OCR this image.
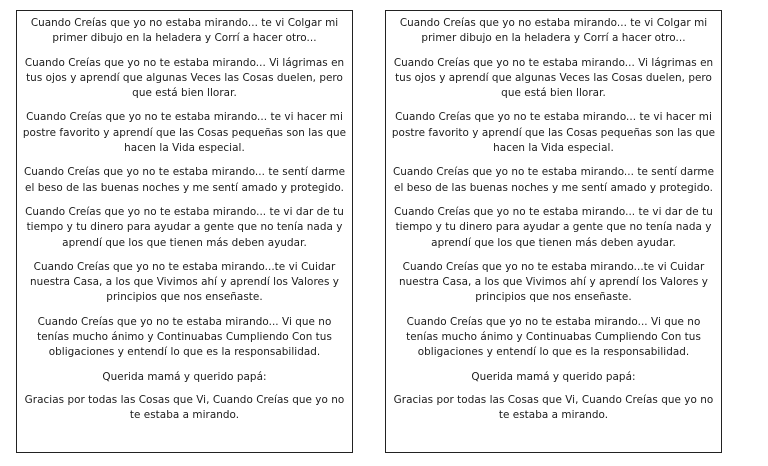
Cuando Creías que yo no estaba mirando... te vi Colgar mi primer dibujo en la heladera y Corrí a hacer otro...

Cuando Creías que yo no te estaba mirando... Vi lágrimas en tus ojos y aprendí que algunas Veces las Cosas duelen, pero que está bien llorar.

Cuando Creías que yo no te estaba mirando... te vi hacer mi postre favorito y aprendí que las Cosas pequeñas son las que hacen la Vida especial.

Cuando Creías que yo no te estaba mirando... te sentí darme el beso de las buenas noches y me sentí amado y protegido.

Cuando Creías que yo no te estaba mirando... te vi dar de tu tiempo y tu dinero para ayudar a gente que no tenía nada y aprendí que los que tienen más deben ayudar.

Cuando Creías que yo no te estaba mirando...te vi Cuidar nuestra Casa, a los que Vivimos ahí y aprendí los Valores y principios que nos enseñaste.

Cuando Creías que yo no te estaba mirando... Vi que no tenías mucho ánimo y Continuabas Cumpliendo Con tus obligaciones y entendí lo que es la responsabilidad.

Querida mamá y querido papá:

Gracias por todas las Cosas que Vi, Cuando Creías que yo no te estaba a mirando.

Cuando Creías que yo no estaba mirando... te vi Colgar mi primer dibujo en la heladera y Corrí a hacer otro...

Cuando Creías que yo no te estaba mirando... Vi lágrimas en tus ojos y aprendí que algunas Veces las Cosas duelen, pero que está bien llorar.

Cuando Creías que yo no te estaba mirando... te vi hacer mi postre favorito y aprendí que las Cosas pequeñas son las que hacen la Vida especial.

Cuando Creías que yo no te estaba mirando... te sentí darme el beso de las buenas noches y me sentí amado y protegido.

Cuando Creías que yo no te estaba mirando... te vi dar de tu tiempo y tu dinero para ayudar a gente que no tenía nada y aprendí que los que tienen más deben ayudar.

Cuando Creías que yo no te estaba mirando...te vi Cuidar nuestra Casa, a los que Vivimos ahí y aprendí los Valores y principios que nos enseñaste.

Cuando Creías que yo no te estaba mirando... Vi que no tenías mucho ánimo y Continuabas Cumpliendo Con tus obligaciones y entendí lo que es la responsabilidad.

Querida mamá y querido papá:

Gracias por todas las Cosas que Vi, Cuando Creías que yo no te estaba a mirando.
